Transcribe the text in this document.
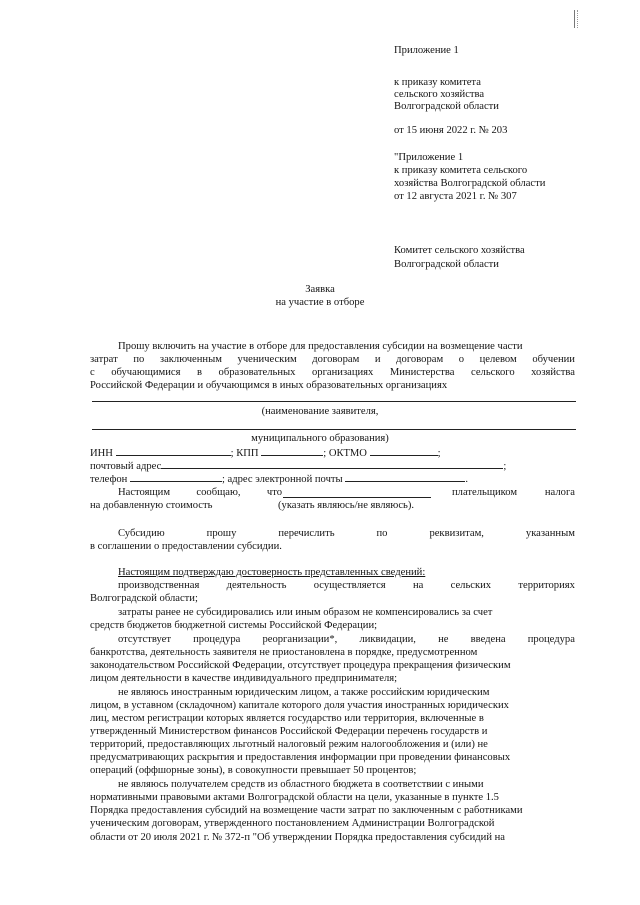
Приложение 1
к приказу комитета
сельского хозяйства
Волгоградской области
от 15 июня 2022 г. № 203
"Приложение 1
к приказу комитета сельского
хозяйства Волгоградской области
от 12 августа 2021 г. № 307
Комитет сельского хозяйства
Волгоградской области
Заявка
на участие в отборе
Прошу включить на участие в отборе для предоставления субсидии на возмещение части
затрат по заключенным ученическим договорам и договорам о целевом обучении
с обучающимися в образовательных организациях Министерства сельского хозяйства
Российской Федерации и обучающимся в иных образовательных организациях
(наименование заявителя,
муниципального образования)
ИНН	; КПП	; ОКТМО	;
почтовый адрес	;
телефон	; адрес электронной почты	.
Настоящим сообщаю, что	плательщиком	налога
на добавленную стоимость	(указать являюсь/не являюсь).
Субсидию	прошу	перечислить	по	реквизитам,	указанным
в соглашении о предоставлении субсидии.
Настоящим подтверждаю достоверность представленных сведений:
производственная	деятельность	осуществляется	на	сельских	территориях
Волгоградской области;
затраты ранее не субсидировались или иным образом не компенсировались за счет
средств бюджетов бюджетной системы Российской Федерации;
отсутствует процедура реорганизации*, ликвидации, не введена процедура
банкротства, деятельность заявителя не приостановлена в порядке, предусмотренном
законодательством Российской Федерации, отсутствует процедура прекращения физическим
лицом деятельности в качестве индивидуального предпринимателя;
не являюсь иностранным юридическим лицом, а также российским юридическим
лицом, в уставном (складочном) капитале которого доля участия иностранных юридических
лиц, местом регистрации которых является государство или территория, включенные в
утвержденный Министерством финансов Российской Федерации перечень государств и
территорий, предоставляющих льготный налоговый режим налогообложения и (или) не
предусматривающих раскрытия и предоставления информации при проведении финансовых
операций (оффшорные зоны), в совокупности превышает 50 процентов;
не являюсь получателем средств из областного бюджета в соответствии с иными
нормативными правовыми актами Волгоградской области на цели, указанные в пункте 1.5
Порядка предоставления субсидий на возмещение части затрат по заключенным с работниками
ученическим договорам, утвержденного постановлением Администрации Волгоградской
области от 20 июля 2021 г. № 372-п "Об утверждении Порядка предоставления субсидий на
